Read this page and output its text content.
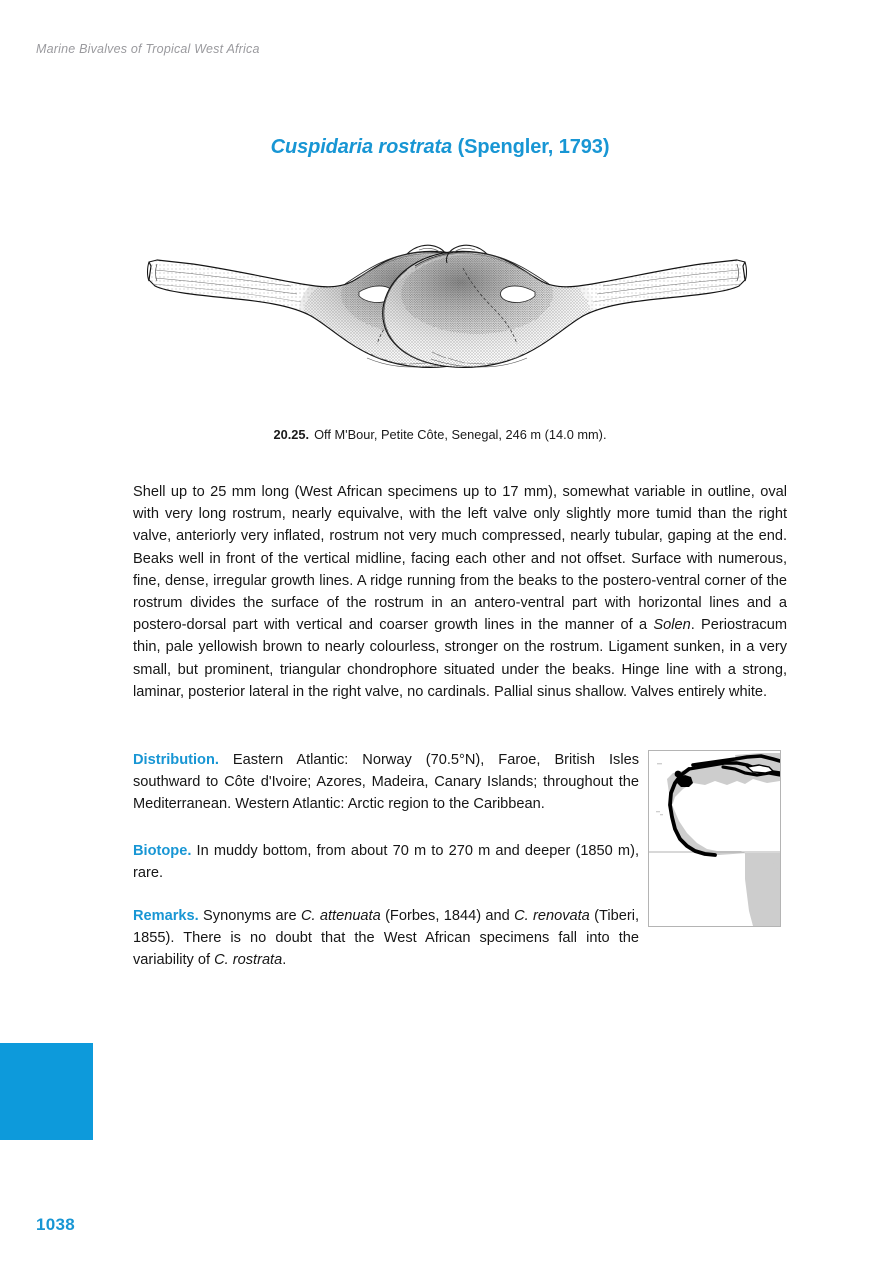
Marine Bivalves of Tropical West Africa
Cuspidaria rostrata (Spengler, 1793)
20.25. Off M'Bour, Petite Côte, Senegal, 246 m (14.0 mm).

Shell up to 25 mm long (West African specimens up to 17 mm), somewhat variable in outline, oval with very long rostrum, nearly equivalve, with the left valve only slightly more tumid than the right valve, anteriorly very inflated, rostrum not very much compressed, nearly tubular, gaping at the end. Beaks well in front of the vertical midline, facing each other and not offset. Surface with numerous, fine, dense, irregular growth lines. A ridge running from the beaks to the postero-ventral corner of the rostrum divides the surface of the rostrum in an antero-ventral part with horizontal lines and a postero-dorsal part with vertical and coarser growth lines in the manner of a Solen. Periostracum thin, pale yellowish brown to nearly colourless, stronger on the rostrum. Ligament sunken, in a very small, but prominent, triangular chondrophore situated under the beaks. Hinge line with a strong, laminar, posterior lateral in the right valve, no cardinals. Pallial sinus shallow. Valves entirely white.

Distribution. Eastern Atlantic: Norway (70.5°N), Faroe, British Isles southward to Côte d'Ivoire; Azores, Madeira, Canary Islands; throughout the Mediterranean. Western Atlantic: Arctic region to the Caribbean.

Biotope. In muddy bottom, from about 70 m to 270 m and deeper (1850 m), rare.

Remarks. Synonyms are C. attenuata (Forbes, 1844) and C. renovata (Tiberi, 1855). There is no doubt that the West African specimens fall into the variability of C. rostrata.

1038
